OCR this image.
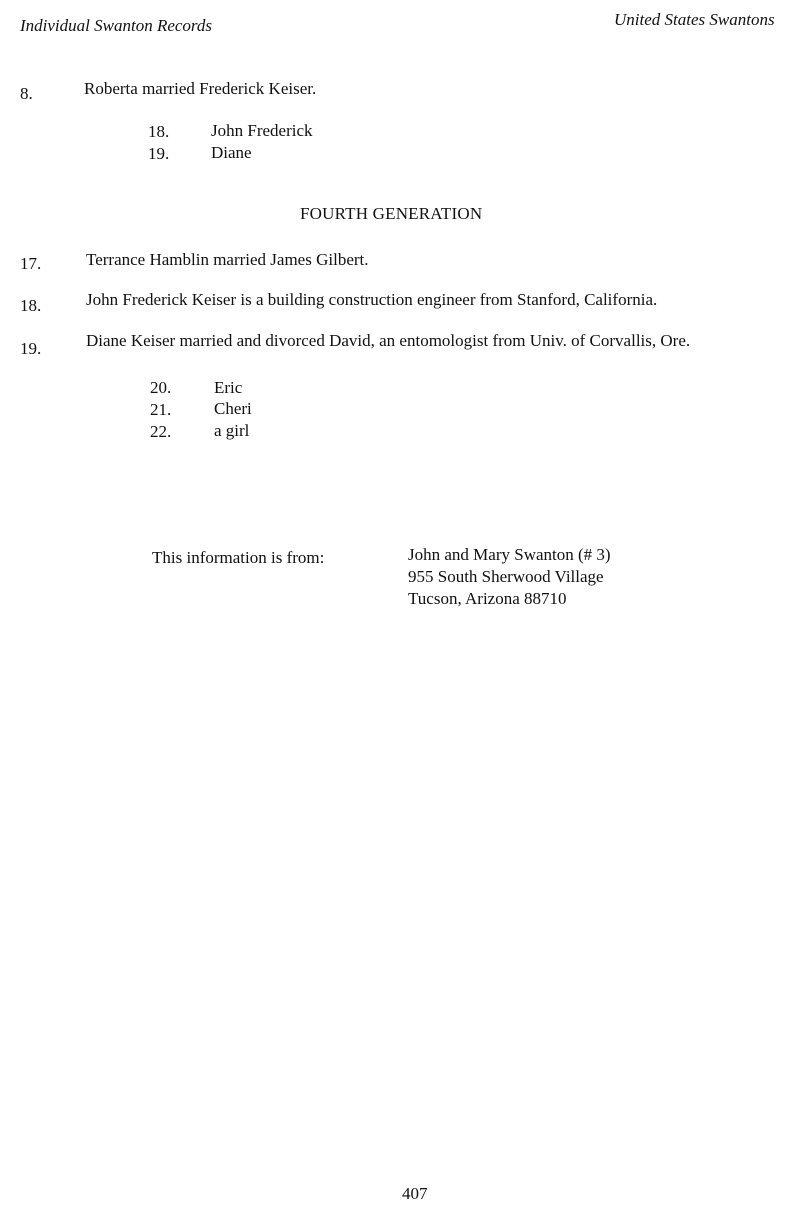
Individual Swanton Records	United States Swantons
8.	Roberta married Frederick Keiser.
18. John Frederick
19. Diane
FOURTH GENERATION
17.	Terrance Hamblin married James Gilbert.
18.	John Frederick Keiser is a building construction engineer from Stanford, California.
19.	Diane Keiser married and divorced David, an entomologist from Univ. of Corvallis, Ore.
20.	Eric
21.	Cheri
22.	a girl
This information is from:	John and Mary Swanton (# 3)
955 South Sherwood Village
Tucson, Arizona 88710
407
